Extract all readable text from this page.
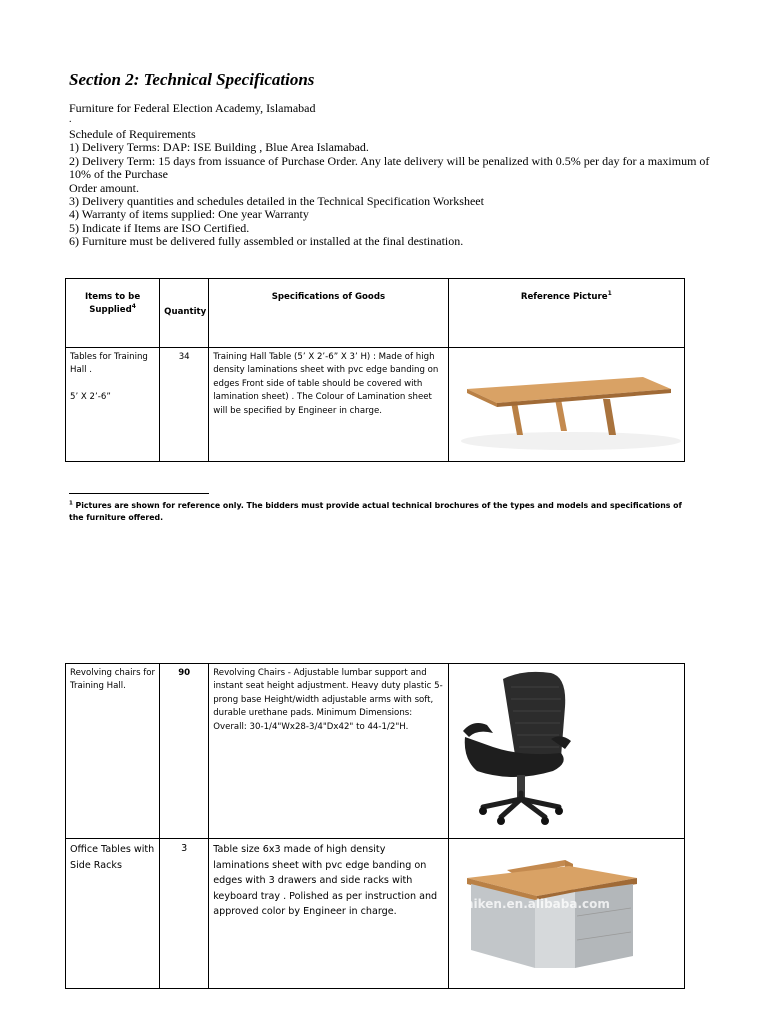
Section 2: Technical Specifications
Furniture for Federal Election Academy, Islamabad
.
Schedule of Requirements
1) Delivery Terms: DAP: ISE Building , Blue Area Islamabad.
2) Delivery Term: 15 days from issuance of Purchase Order. Any late delivery will be penalized with 0.5% per day for a maximum of
10% of the Purchase
Order amount.
3) Delivery quantities and schedules detailed in the Technical Specification Worksheet
4) Warranty of items supplied: One year Warranty
5) Indicate if Items are ISO Certified.
6) Furniture must be delivered fully assembled or installed at the final destination.
Items to be Supplied$^4$	Quantity	Specifications of Goods	Reference Picture$^1$

Tables for Training Hall .
5’ X 2’-6”	34	Training Hall Table (5’ X 2’-6” X 3’ H) : Made of high density laminations sheet with pvc edge banding on edges Front side of table should be covered with lamination sheet) . The Colour of Lamination sheet will be specified by Engineer in charge.	
$^1$ Pictures are shown for reference only. The bidders must provide actual technical brochures of the types and models and specifications of the furniture offered.
Revolving chairs for Training Hall.	90	Revolving Chairs - Adjustable lumbar support and instant seat height adjustment. Heavy duty plastic 5-prong base Height/width adjustable arms with soft, durable urethane pads. Minimum Dimensions: Overall: 30-1/4"Wx28-3/4"Dx42" to 44-1/2"H.	
Office Tables with Side Racks	3	Table size 6x3 made of high density laminations sheet with pvc edge banding on edges with 3 drawers and side racks with keyboard tray . Polished as per instruction and approved color by Engineer in charge.	miken.en.alibaba.com
